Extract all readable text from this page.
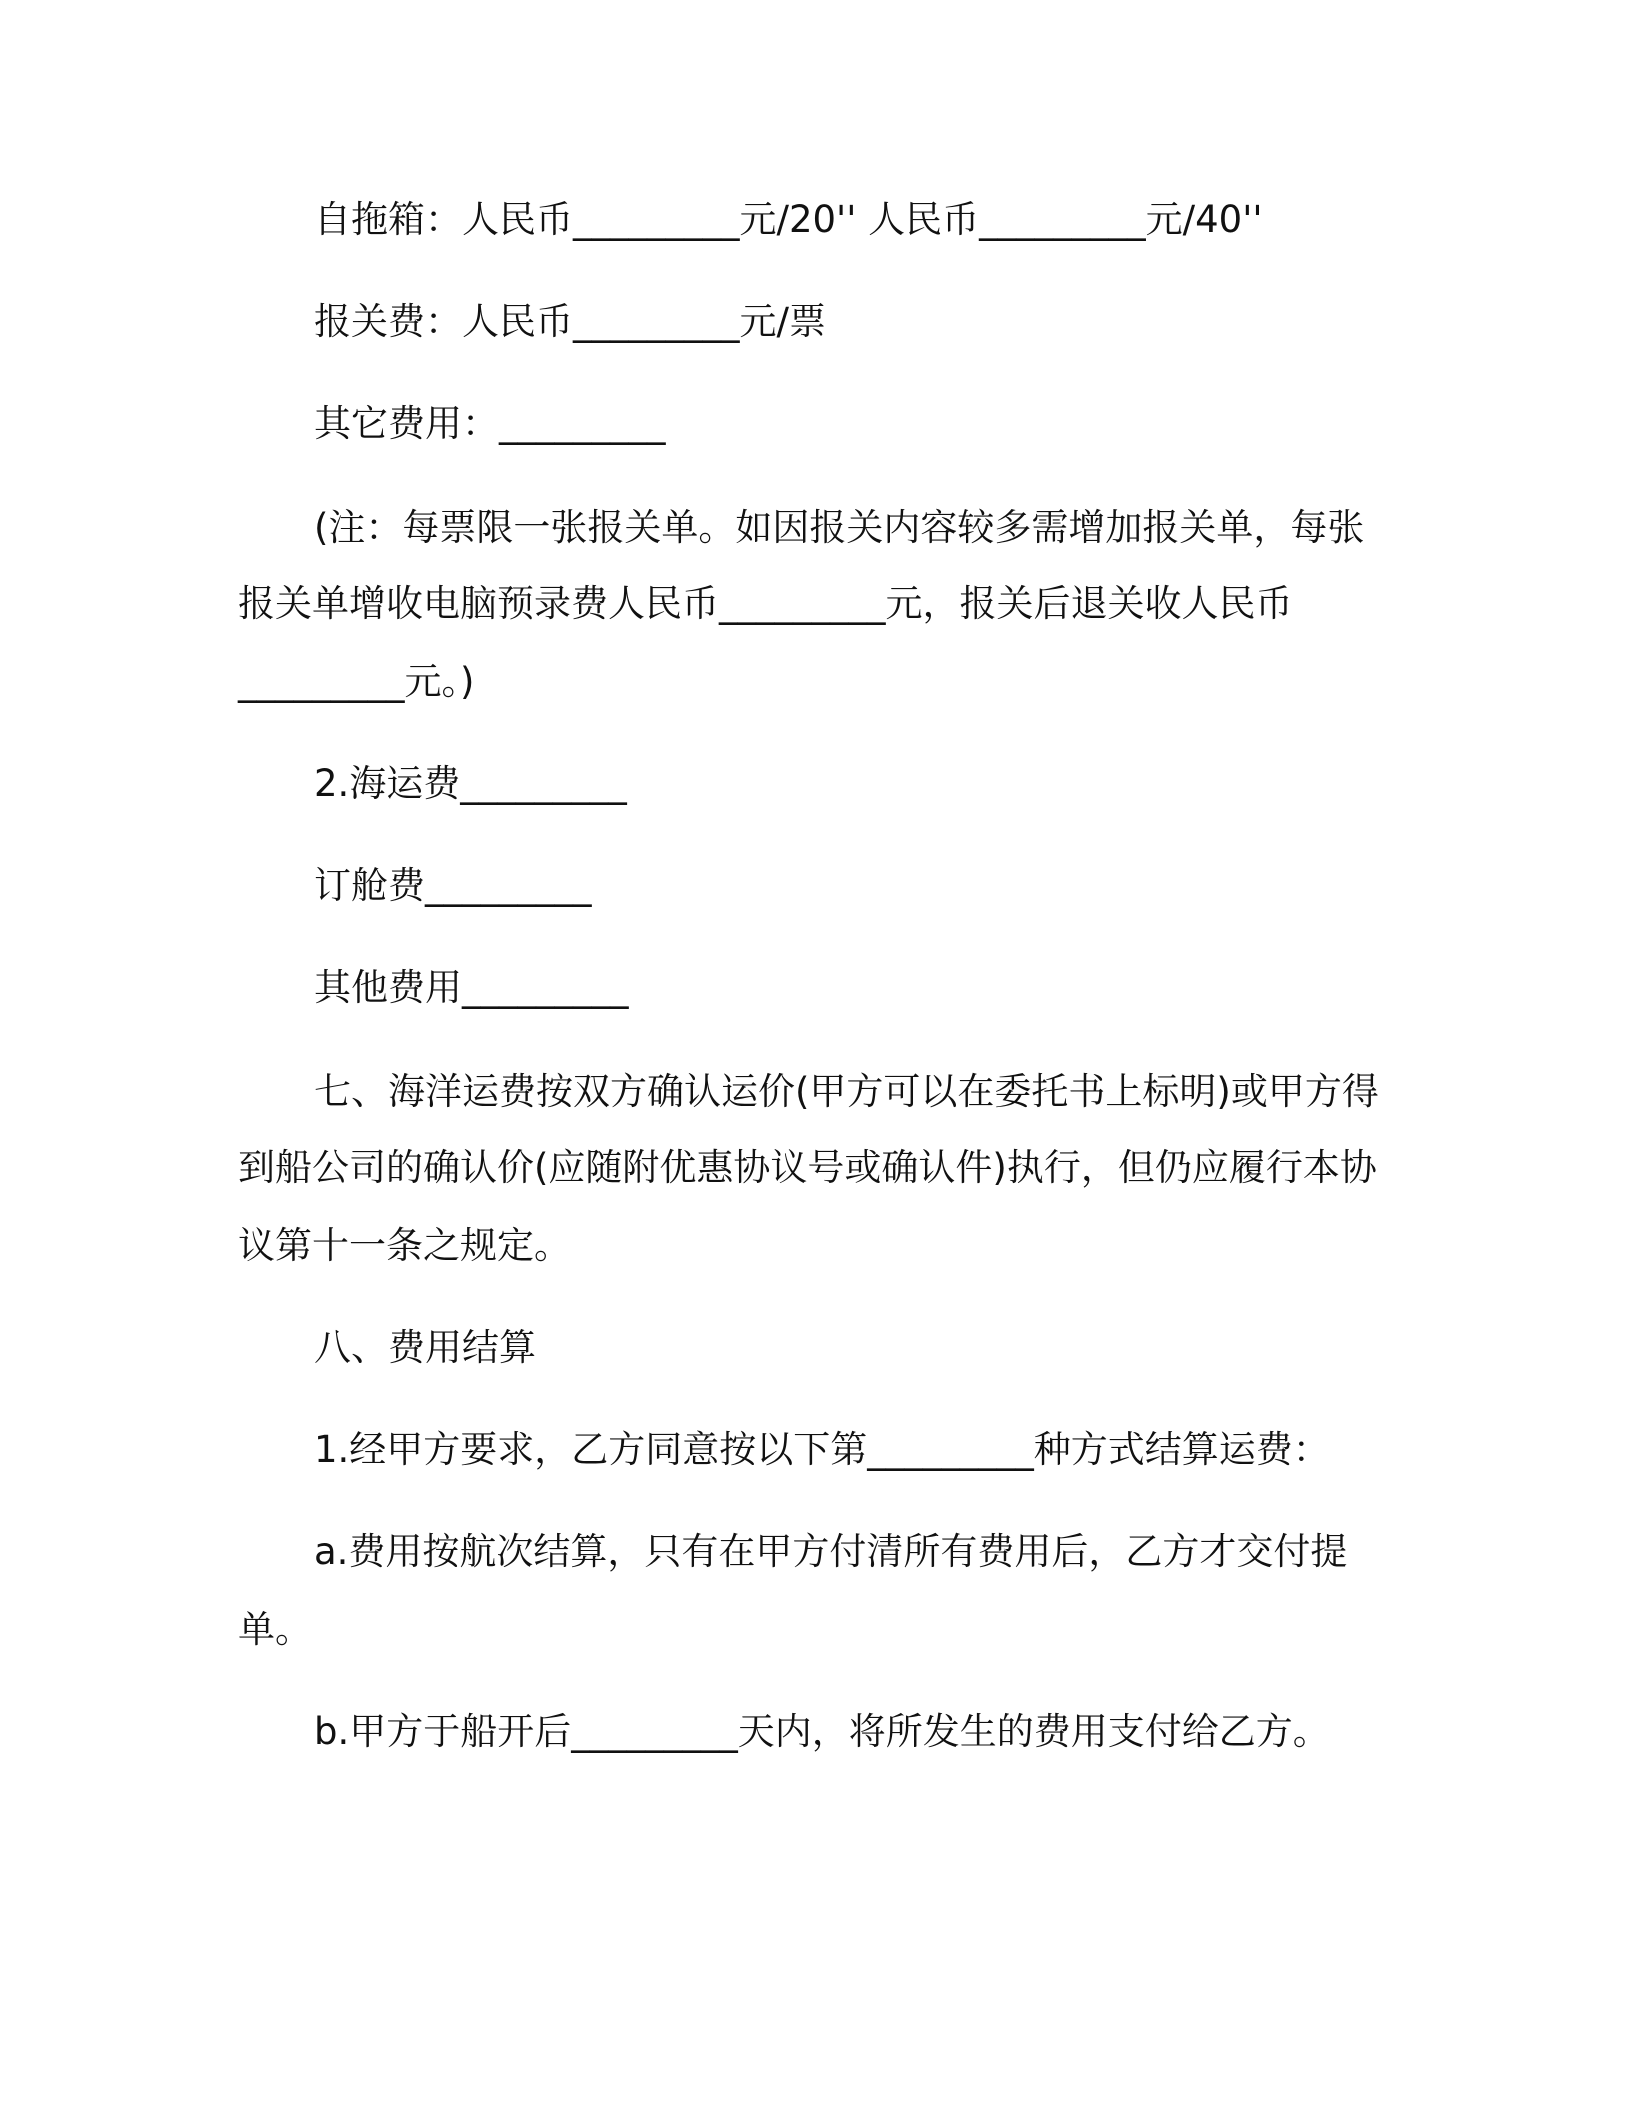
自拖箱：人民币_________元/20'' 人民币_________元/40''

报关费：人民币_________元/票

其它费用：_________

(注：每票限一张报关单。如因报关内容较多需增加报关单，每张

报关单增收电脑预录费人民币_________元，报关后退关收人民币

_________元。)

2.海运费_________

订舱费_________

其他费用_________

七、海洋运费按双方确认运价(甲方可以在委托书上标明)或甲方得

到船公司的确认价(应随附优惠协议号或确认件)执行，但仍应履行本协

议第十一条之规定。

八、费用结算

1.经甲方要求，乙方同意按以下第_________种方式结算运费：

a.费用按航次结算，只有在甲方付清所有费用后，乙方才交付提

单。

b.甲方于船开后_________天内，将所发生的费用支付给乙方。
